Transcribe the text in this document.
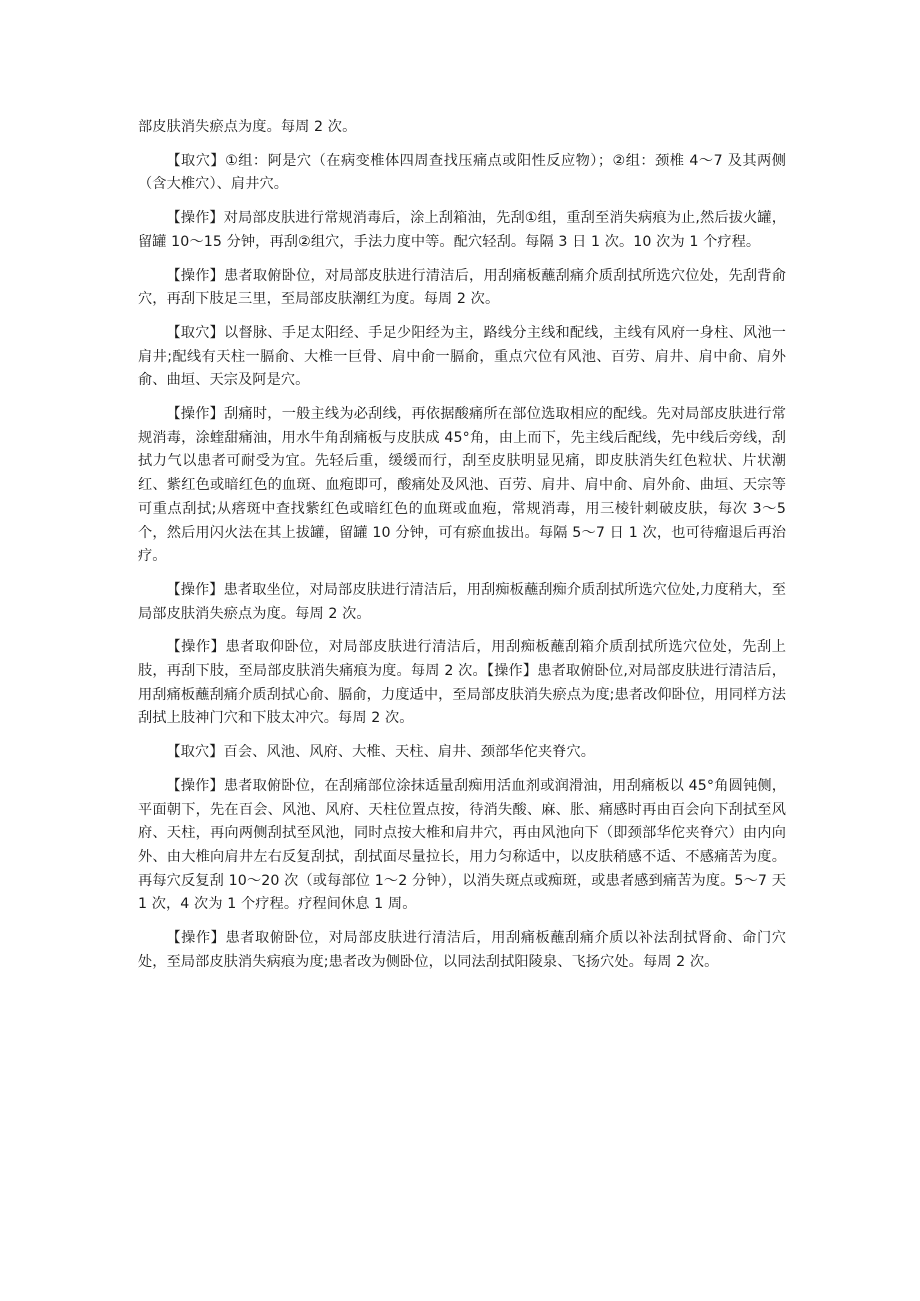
部皮肤消失瘀点为度。每周 2 次。

【取穴】①组：阿是穴（在病变椎体四周查找压痛点或阳性反应物）；②组：颈椎 4～7 及其两侧（含大椎穴）、肩井穴。

【操作】对局部皮肤进行常规消毒后，涂上刮箱油，先刮①组，重刮至消失病痕为止,然后拔火罐，留罐 10～15 分钟，再刮②组穴，手法力度中等。配穴轻刮。每隔 3 日 1 次。10 次为 1 个疗程。

【操作】患者取俯卧位，对局部皮肤进行清洁后，用刮痛板蘸刮痛介质刮拭所选穴位处，先刮背俞穴，再刮下肢足三里，至局部皮肤潮红为度。每周 2 次。

【取穴】以督脉、手足太阳经、手足少阳经为主，路线分主线和配线，主线有风府一身柱、风池一肩井;配线有天柱一膈俞、大椎一巨骨、肩中俞一膈俞，重点穴位有风池、百劳、肩井、肩中俞、肩外俞、曲垣、天宗及阿是穴。

【操作】刮痛时，一般主线为必刮线，再依据酸痛所在部位选取相应的配线。先对局部皮肤进行常规消毒，涂蝰甜痛油，用水牛角刮痛板与皮肤成 45°角，由上而下，先主线后配线，先中线后旁线，刮拭力气以患者可耐受为宜。先轻后重，缓缓而行，刮至皮肤明显见痛，即皮肤消失红色粒状、片状潮红、紫红色或暗红色的血斑、血疱即可，酸痛处及风池、百劳、肩井、肩中俞、肩外俞、曲垣、天宗等可重点刮拭;从瘩斑中查找紫红色或暗红色的血斑或血疱，常规消毒，用三棱针刺破皮肤，每次 3～5 个，然后用闪火法在其上拔罐，留罐 10 分钟，可有瘀血拔出。每隔 5～7 日 1 次，也可待瘤退后再治疗。

【操作】患者取坐位，对局部皮肤进行清洁后，用刮痴板蘸刮痴介质刮拭所选穴位处,力度稍大，至局部皮肤消失瘀点为度。每周 2 次。

【操作】患者取仰卧位，对局部皮肤进行清洁后，用刮痴板蘸刮箱介质刮拭所选穴位处，先刮上肢，再刮下肢，至局部皮肤消失痛痕为度。每周 2 次。【操作】患者取俯卧位,对局部皮肤进行清洁后，用刮痛板蘸刮痛介质刮拭心俞、膈俞，力度适中，至局部皮肤消失瘀点为度;患者改仰卧位，用同样方法刮拭上肢神门穴和下肢太冲穴。每周 2 次。

【取穴】百会、风池、风府、大椎、天柱、肩井、颈部华佗夹脊穴。

【操作】患者取俯卧位，在刮痛部位涂抹适量刮痴用活血剂或润滑油，用刮痛板以 45°角圆钝侧，平面朝下，先在百会、风池、风府、天柱位置点按，待消失酸、麻、胀、痛感时再由百会向下刮拭至风府、天柱，再向两侧刮拭至风池，同时点按大椎和肩井穴，再由风池向下（即颈部华佗夹脊穴）由内向外、由大椎向肩井左右反复刮拭，刮拭面尽量拉长，用力匀称适中，以皮肤稍感不适、不感痛苦为度。再每穴反复刮 10～20 次（或每部位 1～2 分钟），以消失斑点或痴斑，或患者感到痛苦为度。5～7 天 1 次，4 次为 1 个疗程。疗程间休息 1 周。

【操作】患者取俯卧位，对局部皮肤进行清洁后，用刮痛板蘸刮痛介质以补法刮拭肾俞、命门穴处，至局部皮肤消失病痕为度;患者改为侧卧位，以同法刮拭阳陵泉、飞扬穴处。每周 2 次。
